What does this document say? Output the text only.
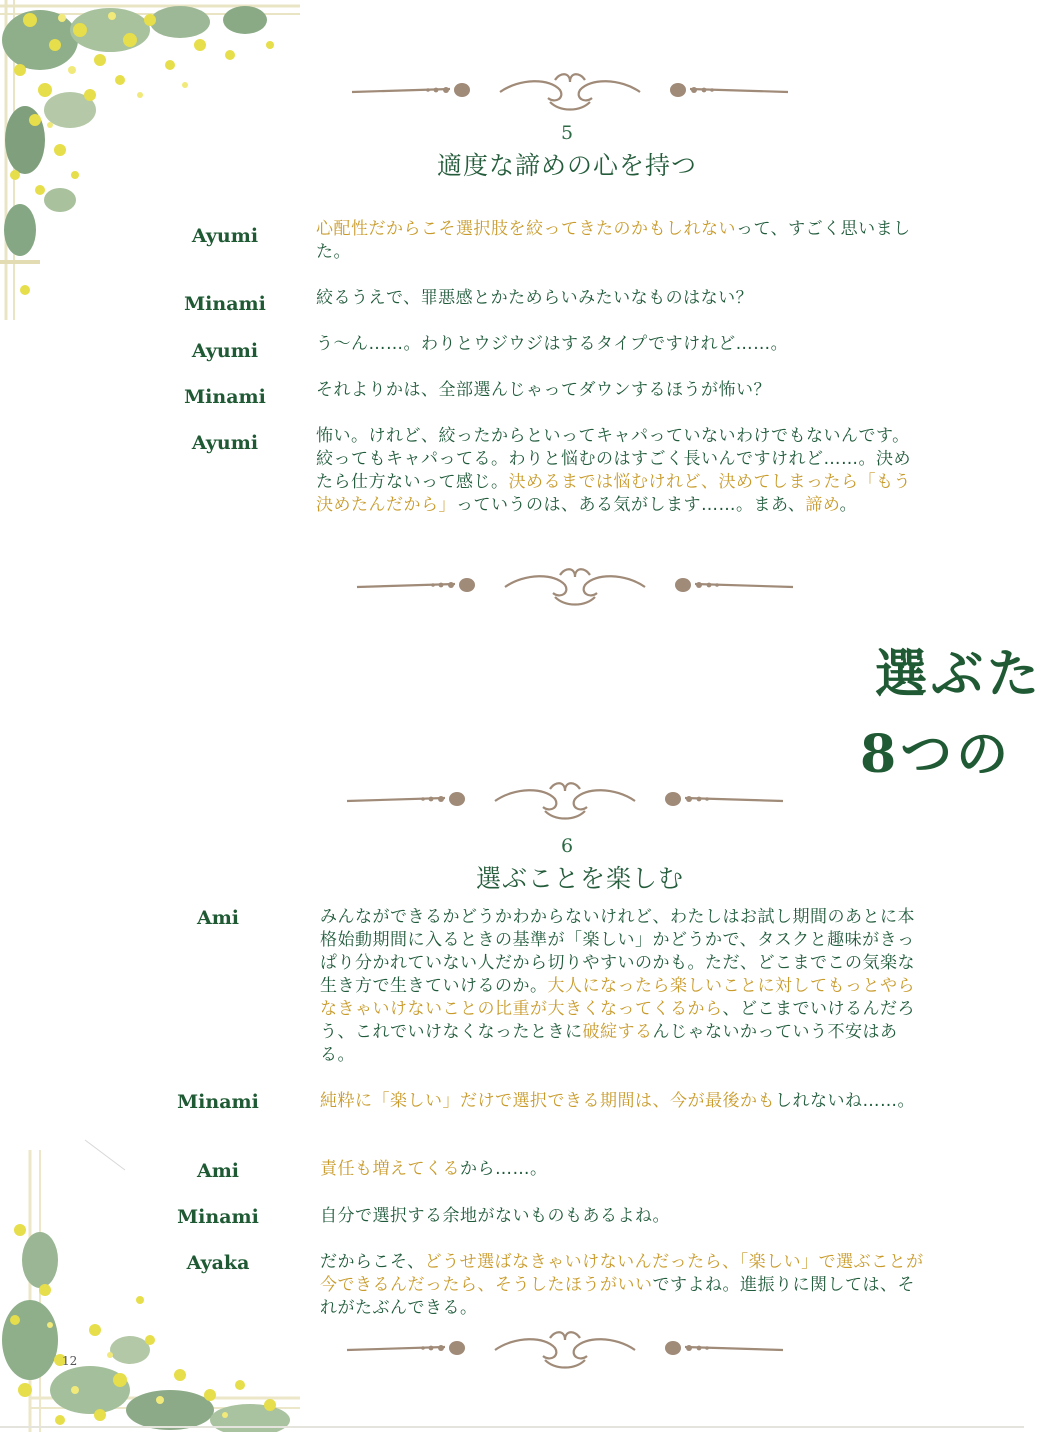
5
適度な諦めの心を持つ
Ayumi	心配性だからこそ選択肢を絞ってきたのかもしれないって、すごく思いました。
Minami	絞るうえで、罪悪感とかためらいみたいなものはない？
Ayumi	う～ん……。わりとウジウジはするタイプですけれど……。
Minami	それよりかは、全部選んじゃってダウンするほうが怖い？
Ayumi	怖い。けれど、絞ったからといってキャパっていないわけでもないんです。絞ってもキャパってる。わりと悩むのはすごく長いんですけれど……。決めたら仕方ないって感じ。決めるまでは悩むけれど、決めてしまったら「もう決めたんだから」っていうのは、ある気がします……。まあ、諦め。
選ぶた
8つの
6
選ぶことを楽しむ
Ami	みんなができるかどうかわからないけれど、わたしはお試し期間のあとに本格始動期間に入るときの基準が「楽しい」かどうかで、タスクと趣味がきっぱり分かれていない人だから切りやすいのかも。ただ、どこまでこの気楽な生き方で生きていけるのか。大人になったら楽しいことに対してもっとやらなきゃいけないことの比重が大きくなってくるから、どこまでいけるんだろう、これでいけなくなったときに破綻するんじゃないかっていう不安はある。
Minami	純粋に「楽しい」だけで選択できる期間は、今が最後かもしれないね……。
Ami	責任も増えてくるから……。
Minami	自分で選択する余地がないものもあるよね。
Ayaka	だからこそ、どうせ選ばなきゃいけないんだったら、「楽しい」で選ぶことが今できるんだったら、そうしたほうがいいですよね。進振りに関しては、それがたぶんできる。
12
